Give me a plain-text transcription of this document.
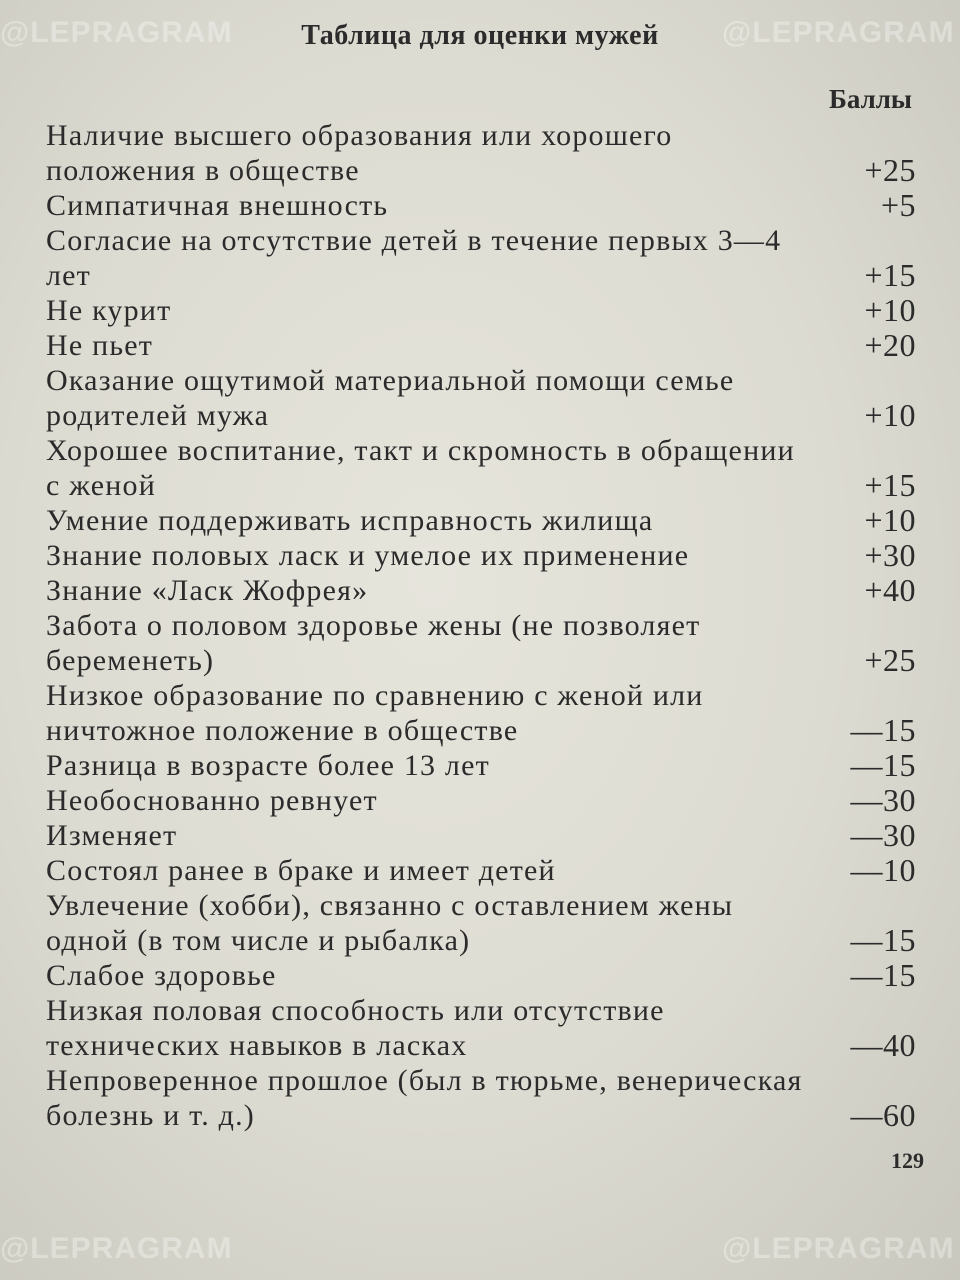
@LEPRAGRAM	@LEPRAGRAM
@LEPRAGRAM	@LEPRAGRAM
Таблица для оценки мужей
Баллы
Наличие высшего образования или хорошего положения в обществе	+25
Симпатичная внешность	+5
Согласие на отсутствие детей в течение первых 3—4 лет	+15
Не курит	+10
Не пьет	+20
Оказание ощутимой материальной помощи семье родителей мужа	+10
Хорошее воспитание, такт и скромность в обращении с женой	+15
Умение поддерживать исправность жилища	+10
Знание половых ласк и умелое их применение	+30
Знание «Ласк Жофрея»	+40
Забота о половом здоровье жены (не позволяет беременеть)	+25
Низкое образование по сравнению с женой или ничтожное положение в обществе	—15
Разница в возрасте более 13 лет	—15
Необоснованно ревнует	—30
Изменяет	—30
Состоял ранее в браке и имеет детей	—10
Увлечение (хобби), связанно с оставлением жены одной (в том числе и рыбалка)	—15
Слабое здоровье	—15
Низкая половая способность или отсутствие технических навыков в ласках	—40
Непроверенное прошлое (был в тюрьме, венерическая болезнь и т. д.)	—60
129
